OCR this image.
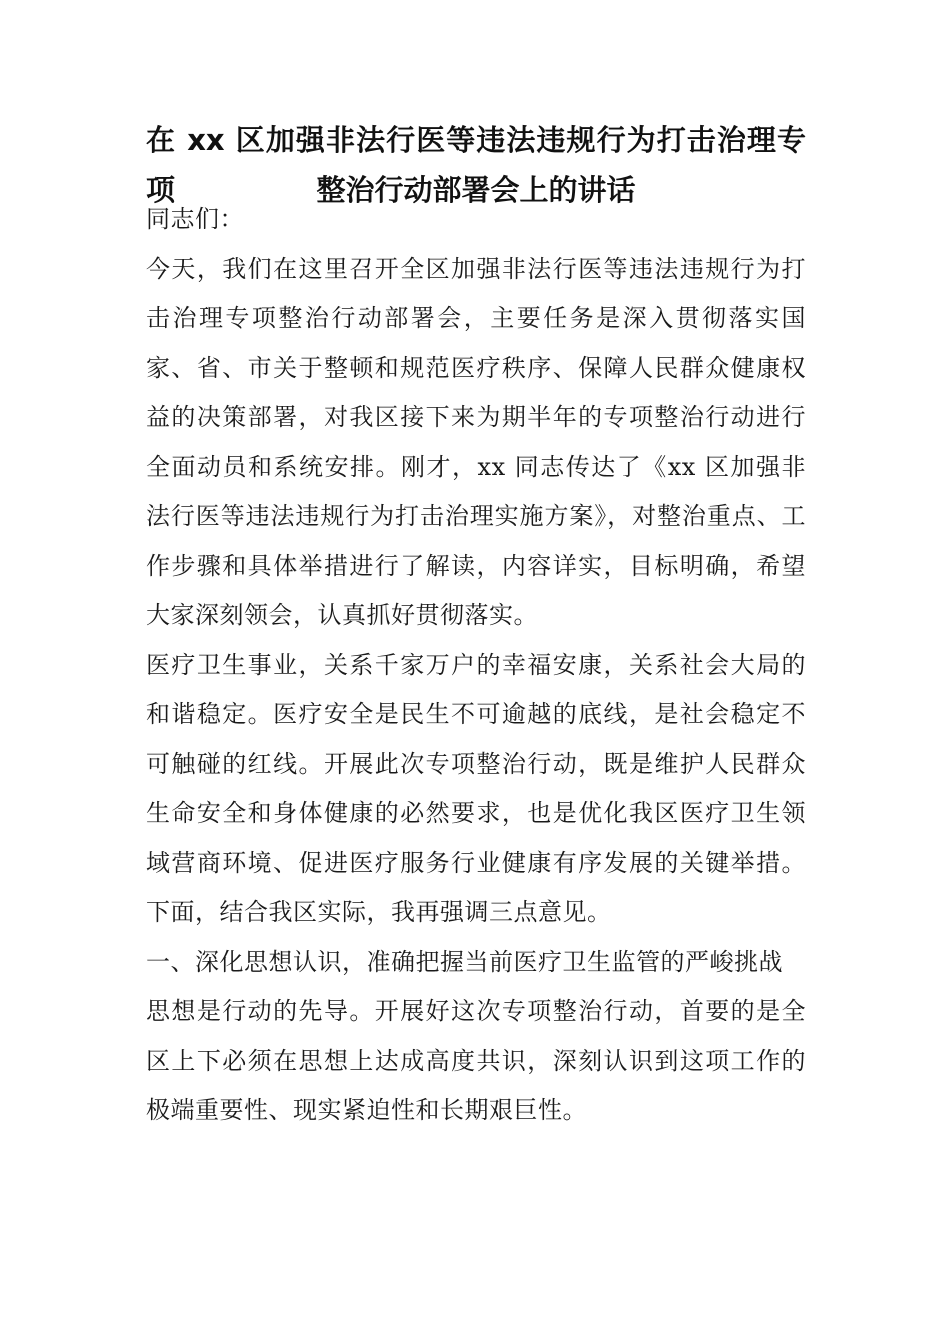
在 xx 区加强非法行医等违法违规行为打击治理专项	整治行动部署会上的讲话

同志们：

今天，我们在这里召开全区加强非法行医等违法违规行为打击治理专项整治行动部署会，主要任务是深入贯彻落实国家、省、市关于整顿和规范医疗秩序、保障人民群众健康权益的决策部署，对我区接下来为期半年的专项整治行动进行全面动员和系统安排。刚才，xx 同志传达了《xx 区加强非法行医等违法违规行为打击治理实施方案》，对整治重点、工作步骤和具体举措进行了解读，内容详实，目标明确，希望大家深刻领会，认真抓好贯彻落实。

医疗卫生事业，关系千家万户的幸福安康，关系社会大局的和谐稳定。医疗安全是民生不可逾越的底线，是社会稳定不可触碰的红线。开展此次专项整治行动，既是维护人民群众生命安全和身体健康的必然要求，也是优化我区医疗卫生领域营商环境、促进医疗服务行业健康有序发展的关键举措。下面，结合我区实际，我再强调三点意见。

一、深化思想认识，准确把握当前医疗卫生监管的严峻挑战

思想是行动的先导。开展好这次专项整治行动，首要的是全区上下必须在思想上达成高度共识，深刻认识到这项工作的极端重要性、现实紧迫性和长期艰巨性。
